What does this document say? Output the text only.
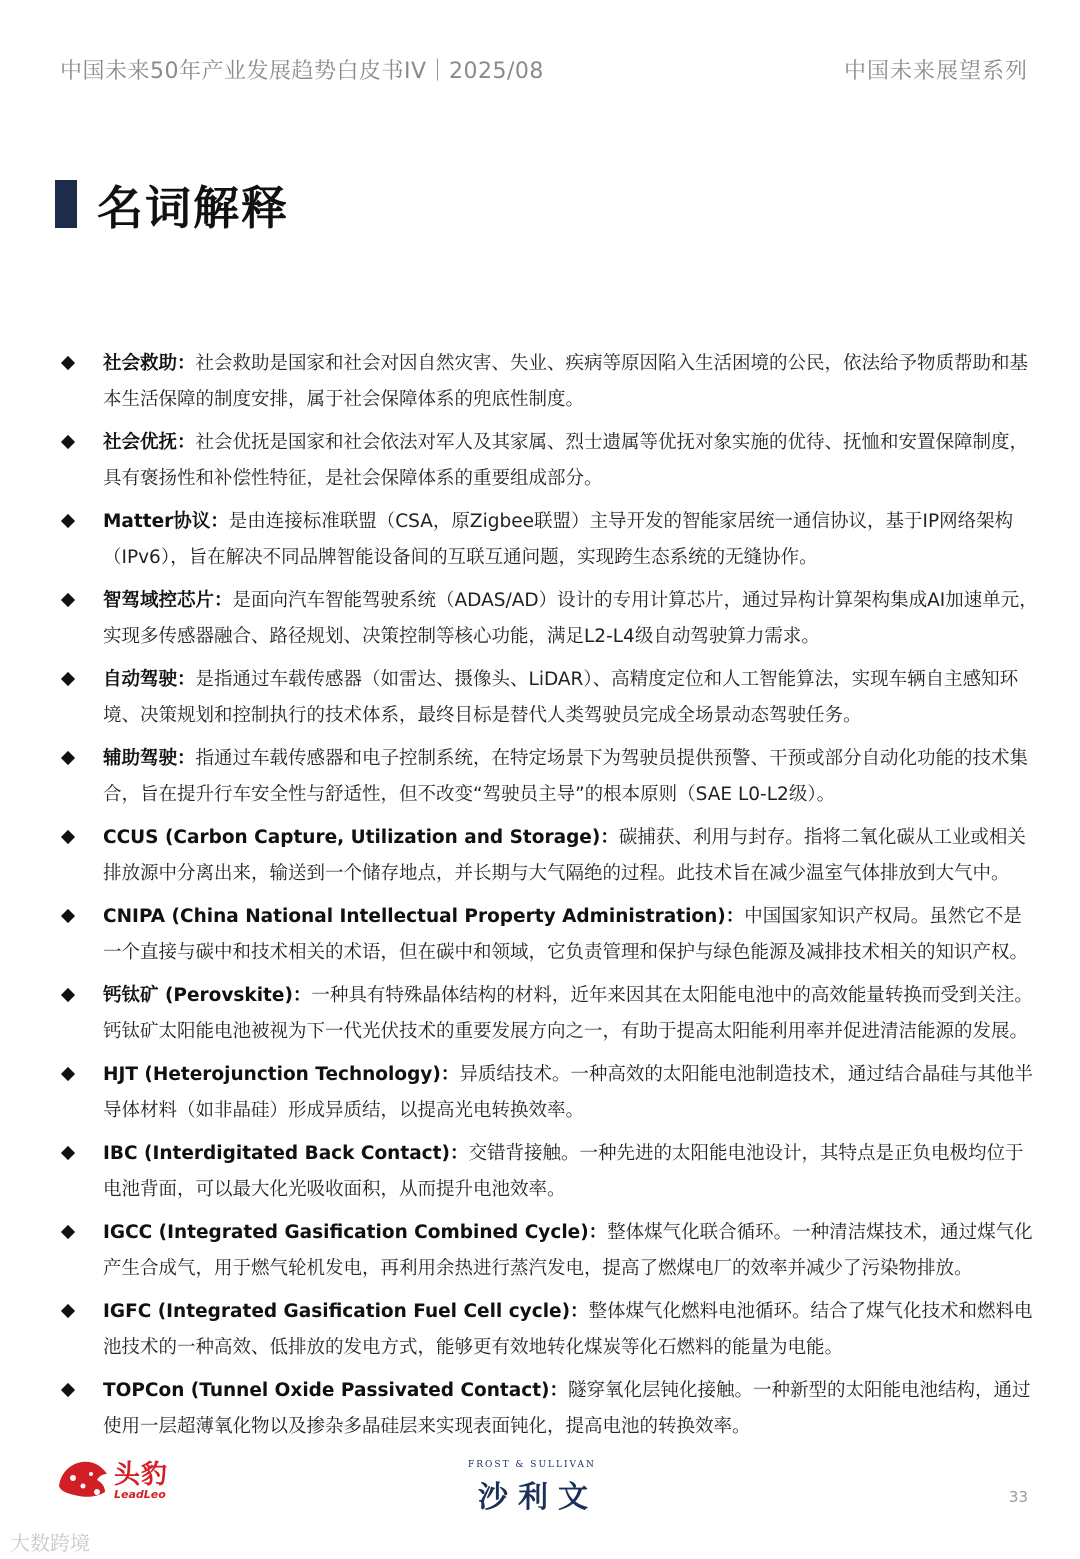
中国未来50年产业发展趋势白皮书IV｜2025/08	中国未来展望系列
名词解释
社会救助：社会救助是国家和社会对因自然灾害、失业、疾病等原因陷入生活困境的公民，依法给予物质帮助和基本生活保障的制度安排，属于社会保障体系的兜底性制度。
社会优抚：社会优抚是国家和社会依法对军人及其家属、烈士遗属等优抚对象实施的优待、抚恤和安置保障制度，具有褒扬性和补偿性特征，是社会保障体系的重要组成部分。
Matter协议：是由连接标准联盟（CSA，原Zigbee联盟）主导开发的智能家居统一通信协议，基于IP网络架构（IPv6），旨在解决不同品牌智能设备间的互联互通问题，实现跨生态系统的无缝协作。
智驾域控芯片：是面向汽车智能驾驶系统（ADAS/AD）设计的专用计算芯片，通过异构计算架构集成AI加速单元，实现多传感器融合、路径规划、决策控制等核心功能，满足L2-L4级自动驾驶算力需求。
自动驾驶：是指通过车载传感器（如雷达、摄像头、LiDAR）、高精度定位和人工智能算法，实现车辆自主感知环境、决策规划和控制执行的技术体系，最终目标是替代人类驾驶员完成全场景动态驾驶任务。
辅助驾驶：指通过车载传感器和电子控制系统，在特定场景下为驾驶员提供预警、干预或部分自动化功能的技术集合，旨在提升行车安全性与舒适性，但不改变“驾驶员主导”的根本原则（SAE L0-L2级）。
CCUS (Carbon Capture, Utilization and Storage)：碳捕获、利用与封存。指将二氧化碳从工业或相关排放源中分离出来，输送到一个储存地点，并长期与大气隔绝的过程。此技术旨在减少温室气体排放到大气中。
CNIPA (China National Intellectual Property Administration)：中国国家知识产权局。虽然它不是一个直接与碳中和技术相关的术语，但在碳中和领域，它负责管理和保护与绿色能源及减排技术相关的知识产权。
钙钛矿 (Perovskite)：一种具有特殊晶体结构的材料，近年来因其在太阳能电池中的高效能量转换而受到关注。钙钛矿太阳能电池被视为下一代光伏技术的重要发展方向之一，有助于提高太阳能利用率并促进清洁能源的发展。
HJT (Heterojunction Technology)：异质结技术。一种高效的太阳能电池制造技术，通过结合晶硅与其他半导体材料（如非晶硅）形成异质结，以提高光电转换效率。
IBC (Interdigitated Back Contact)：交错背接触。一种先进的太阳能电池设计，其特点是正负电极均位于电池背面，可以最大化光吸收面积，从而提升电池效率。
IGCC (Integrated Gasification Combined Cycle)：整体煤气化联合循环。一种清洁煤技术，通过煤气化产生合成气，用于燃气轮机发电，再利用余热进行蒸汽发电，提高了燃煤电厂的效率并减少了污染物排放。
IGFC (Integrated Gasification Fuel Cell cycle)：整体煤气化燃料电池循环。结合了煤气化技术和燃料电池技术的一种高效、低排放的发电方式，能够更有效地转化煤炭等化石燃料的能量为电能。
TOPCon (Tunnel Oxide Passivated Contact)：隧穿氧化层钝化接触。一种新型的太阳能电池结构，通过使用一层超薄氧化物以及掺杂多晶硅层来实现表面钝化，提高电池的转换效率。
头豹
LeadLeo
FROST & SULLIVAN
沙利文	33
大数跨境
